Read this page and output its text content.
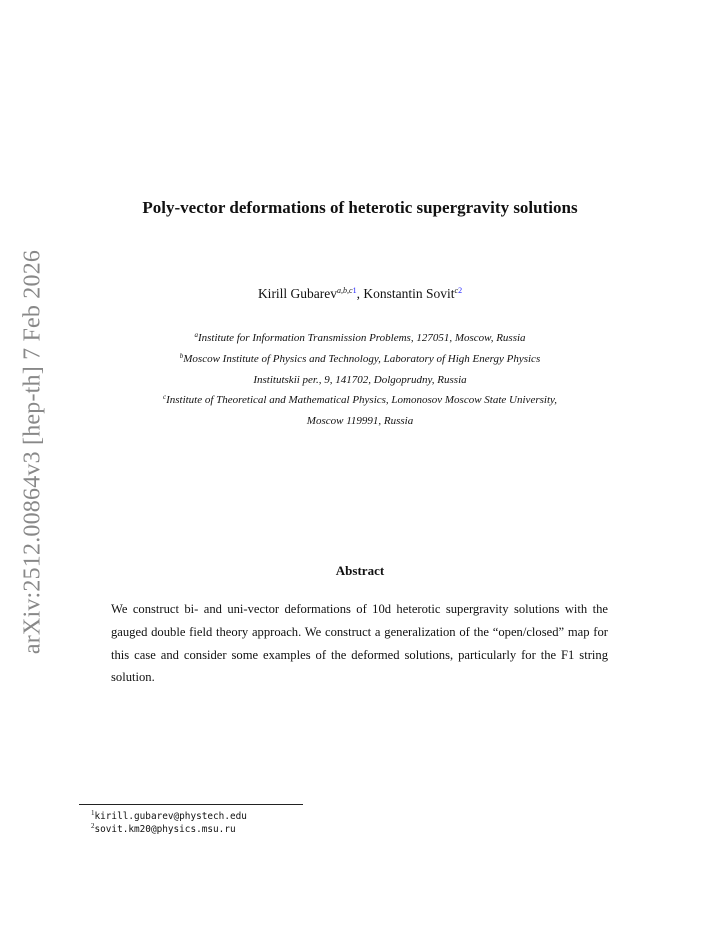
arXiv:2512.00864v3 [hep-th] 7 Feb 2026
Poly-vector deformations of heterotic supergravity solutions
Kirill Gubarev$^{a,b,c1}$, Konstantin Sovit$^{c2}$
$^a$Institute for Information Transmission Problems, 127051, Moscow, Russia
$^b$Moscow Institute of Physics and Technology, Laboratory of High Energy Physics
Institutskii per., 9, 141702, Dolgoprudny, Russia
$^c$Institute of Theoretical and Mathematical Physics, Lomonosov Moscow State University,
Moscow 119991, Russia
Abstract
We construct bi- and uni-vector deformations of 10d heterotic supergravity solutions with the gauged double field theory approach. We construct a generalization of the “open/closed” map for this case and consider some examples of the deformed solutions, particularly for the F1 string solution.
$^1$kirill.gubarev@phystech.edu
$^2$sovit.km20@physics.msu.ru
